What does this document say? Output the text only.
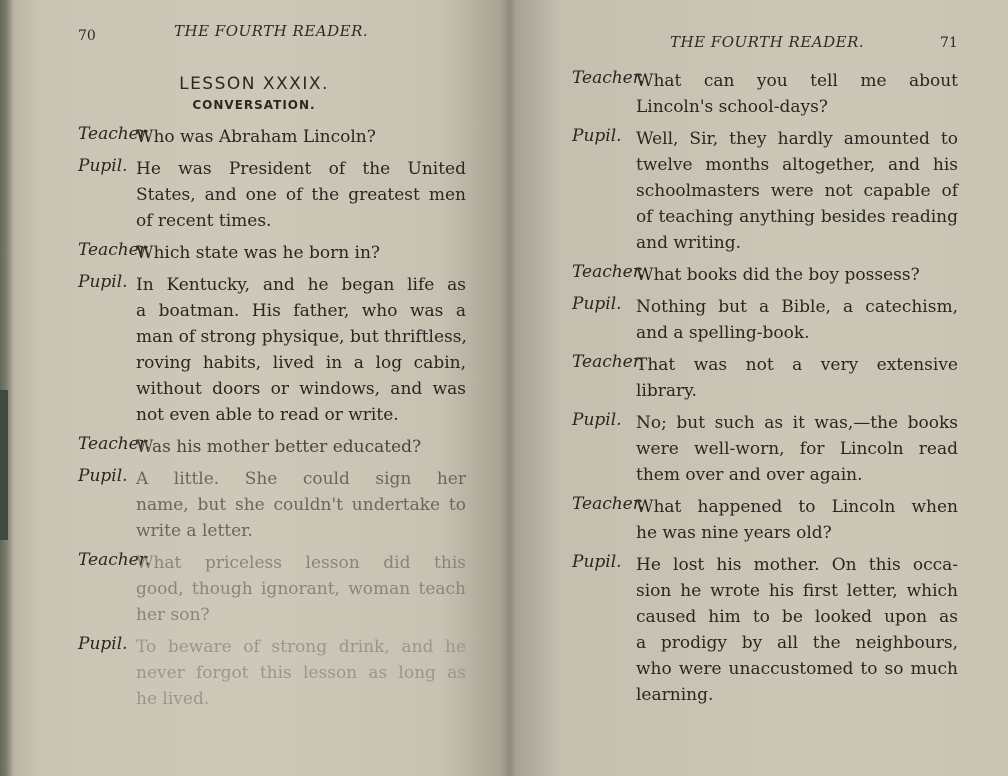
70	THE FOURTH READER.
LESSON XXXIX.
CONVERSATION.
Teacher.
Who was Abraham Lincoln?
Pupil. He was President of the United
States, and one of the greatest men
of recent times.
Teacher.
Which state was he born in?
Pupil. In Kentucky, and he began life as
a boatman. His father, who was a
man of strong physique, but thriftless,
roving habits, lived in a log cabin,
without doors or windows, and was
not even able to read or write.
Teacher.
Was his mother better educated?
Pupil. A little. She could sign her
name, but she couldn't undertake to
write a letter.
Teacher.
What priceless lesson did this
good, though ignorant, woman teach
her son?
Pupil. To beware of strong drink, and he
never forgot this lesson as long as
he lived.
THE FOURTH READER.	71
Teacher.
What can you tell me about
Lincoln's school-days?
Pupil. Well, Sir, they hardly amounted to
twelve months altogether, and his
schoolmasters were not capable of
of teaching anything besides reading
and writing.
Teacher.
What books did the boy possess?
Pupil. Nothing but a Bible, a catechism,
and a spelling-book.
Teacher.
That was not a very extensive
library.
Pupil. No; but such as it was,—the books
were well-worn, for Lincoln read
them over and over again.
Teacher.
What happened to Lincoln when
he was nine years old?
Pupil. He lost his mother. On this occa-
sion he wrote his first letter, which
caused him to be looked upon as
a prodigy by all the neighbours,
who were unaccustomed to so much
learning.
